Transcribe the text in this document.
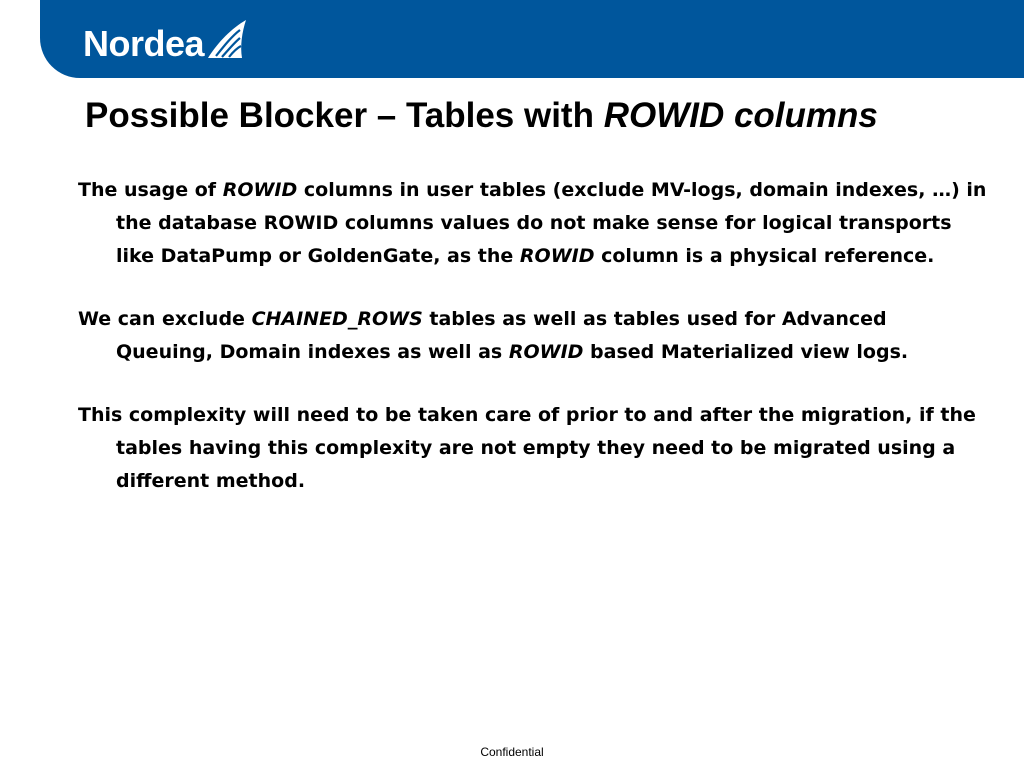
Nordea
Possible Blocker – Tables with ROWID columns

The usage of ROWID columns in user tables (exclude MV-logs, domain indexes, …) in the database ROWID columns values do not make sense for logical transports like DataPump or GoldenGate, as the ROWID column is a physical reference.

We can exclude CHAINED_ROWS tables as well as tables used for Advanced Queuing, Domain indexes as well as ROWID based Materialized view logs.

This complexity will need to be taken care of prior to and after the migration, if the tables having this complexity are not empty they need to be migrated using a different method.

Confidential
